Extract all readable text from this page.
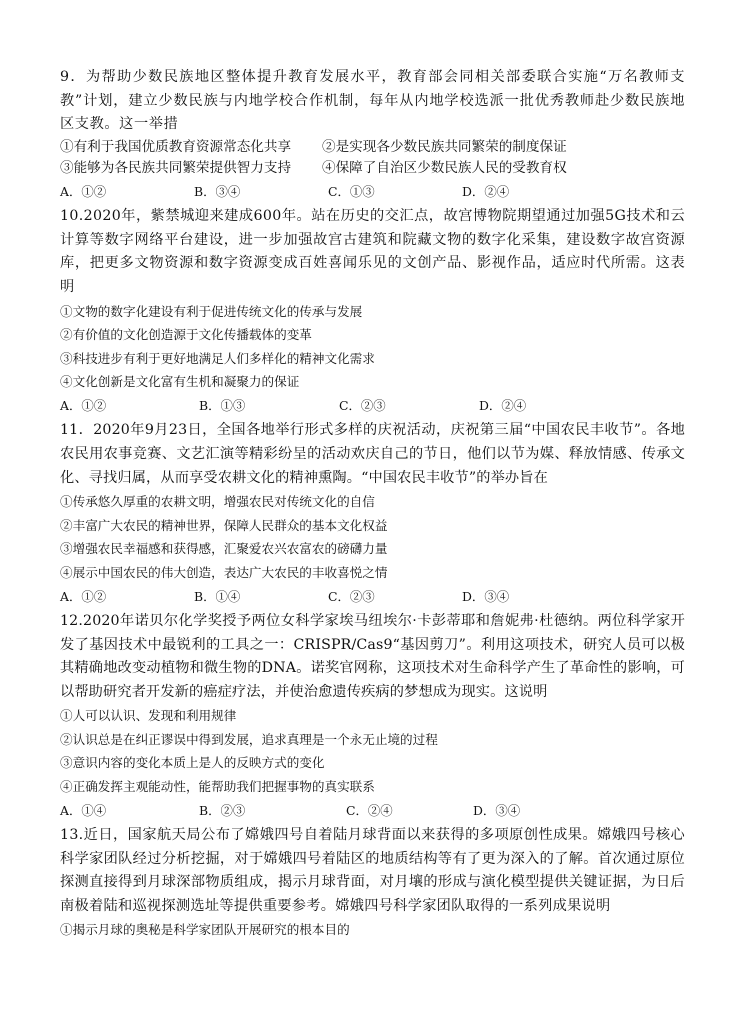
9．为帮助少数民族地区整体提升教育发展水平，教育部会同相关部委联合实施“万名教师支教”计划，建立少数民族与内地学校合作机制，每年从内地学校选派一批优秀教师赴少数民族地区支教。这一举措

①有利于我国优质教育资源常态化共享	②是实现各少数民族共同繁荣的制度保证

③能够为各民族共同繁荣提供智力支持	④保障了自治区少数民族人民的受教育权

A．①②	B．③④	C．①③	D．②④

10.2020年，紫禁城迎来建成600年。站在历史的交汇点，故宫博物院期望通过加强5G技术和云计算等数字网络平台建设，进一步加强故宫古建筑和院藏文物的数字化采集，建设数字故宫资源库，把更多文物资源和数字资源变成百姓喜闻乐见的文创产品、影视作品，适应时代所需。这表明

①文物的数字化建设有利于促进传统文化的传承与发展

②有价值的文化创造源于文化传播载体的变革

③科技进步有利于更好地满足人们多样化的精神文化需求

④文化创新是文化富有生机和凝聚力的保证

A．①②	B．①③	C．②③	D．②④

11．2020年9月23日，全国各地举行形式多样的庆祝活动，庆祝第三届“中国农民丰收节”。各地农民用农事竞赛、文艺汇演等精彩纷呈的活动欢庆自己的节日，他们以节为媒、释放情感、传承文化、寻找归属，从而享受农耕文化的精神熏陶。“中国农民丰收节”的举办旨在

①传承悠久厚重的农耕文明，增强农民对传统文化的自信

②丰富广大农民的精神世界，保障人民群众的基本文化权益

③增强农民幸福感和获得感，汇聚爱农兴农富农的磅礴力量

④展示中国农民的伟大创造，表达广大农民的丰收喜悦之情

A．①②	B．①④	C．②③	D．③④

12.2020年诺贝尔化学奖授予两位女科学家埃马纽埃尔·卡彭蒂耶和詹妮弗·杜德纳。两位科学家开发了基因技术中最锐利的工具之一：CRISPR/Cas9“基因剪刀”。利用这项技术，研究人员可以极其精确地改变动植物和微生物的DNA。诺奖官网称，这项技术对生命科学产生了革命性的影响，可以帮助研究者开发新的癌症疗法，并使治愈遗传疾病的梦想成为现实。这说明

①人可以认识、发现和利用规律

②认识总是在纠正谬误中得到发展，追求真理是一个永无止境的过程

③意识内容的变化本质上是人的反映方式的变化

④正确发挥主观能动性，能帮助我们把握事物的真实联系

A．①④	B．②③	C．②④	D．③④

13.近日，国家航天局公布了嫦娥四号自着陆月球背面以来获得的多项原创性成果。嫦娥四号核心科学家团队经过分析挖掘，对于嫦娥四号着陆区的地质结构等有了更为深入的了解。首次通过原位探测直接得到月球深部物质组成，揭示月球背面，对月壤的形成与演化模型提供关键证据，为日后南极着陆和巡视探测选址等提供重要参考。嫦娥四号科学家团队取得的一系列成果说明

①揭示月球的奥秘是科学家团队开展研究的根本目的
